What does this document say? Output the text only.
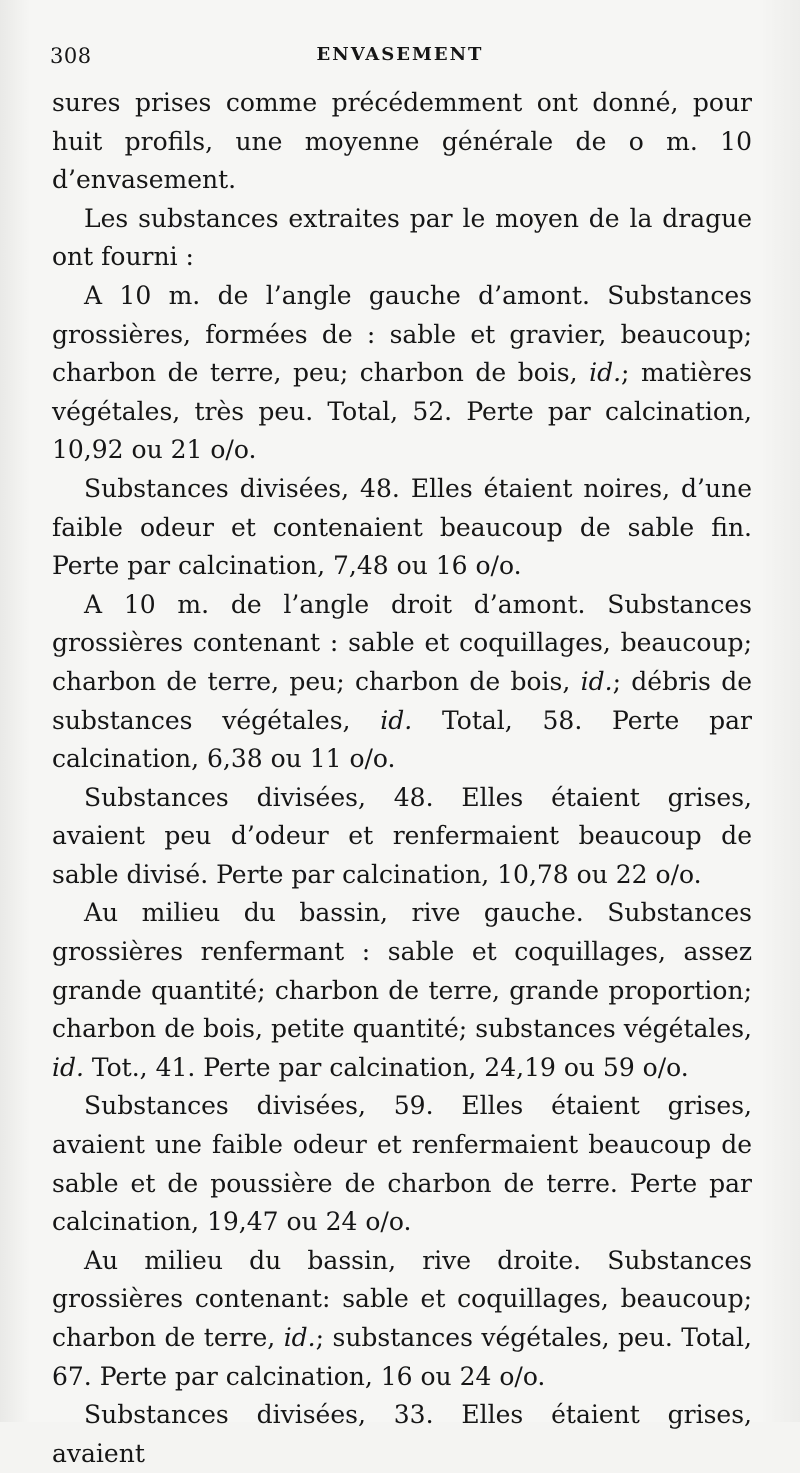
308	ENVASEMENT

sures prises comme précédemment ont donné, pour huit profils, une moyenne générale de o m. 10 d’envasement.

Les substances extraites par le moyen de la drague ont fourni :

A 10 m. de l’angle gauche d’amont. Substances grossières, formées de : sable et gravier, beaucoup; charbon de terre, peu; charbon de bois, id.; matières végétales, très peu. Total, 52. Perte par calcination, 10,92 ou 21 o/o.

Substances divisées, 48. Elles étaient noires, d’une faible odeur et contenaient beaucoup de sable fin. Perte par calcination, 7,48 ou 16 o/o.

A 10 m. de l’angle droit d’amont. Substances grossières contenant : sable et coquillages, beaucoup; charbon de terre, peu; charbon de bois, id.; débris de substances végétales, id. Total, 58. Perte par calcination, 6,38 ou 11 o/o.

Substances divisées, 48. Elles étaient grises, avaient peu d’odeur et renfermaient beaucoup de sable divisé. Perte par calcination, 10,78 ou 22 o/o.

Au milieu du bassin, rive gauche. Substances grossières renfermant : sable et coquillages, assez grande quantité; charbon de terre, grande proportion; charbon de bois, petite quantité; substances végétales, id. Tot., 41. Perte par calcination, 24,19 ou 59 o/o.

Substances divisées, 59. Elles étaient grises, avaient une faible odeur et renfermaient beaucoup de sable et de poussière de charbon de terre. Perte par calcination, 19,47 ou 24 o/o.

Au milieu du bassin, rive droite. Substances grossières contenant: sable et coquillages, beaucoup; charbon de terre, id.; substances végétales, peu. Total, 67. Perte par calcination, 16 ou 24 o/o.

Substances divisées, 33. Elles étaient grises, avaient
